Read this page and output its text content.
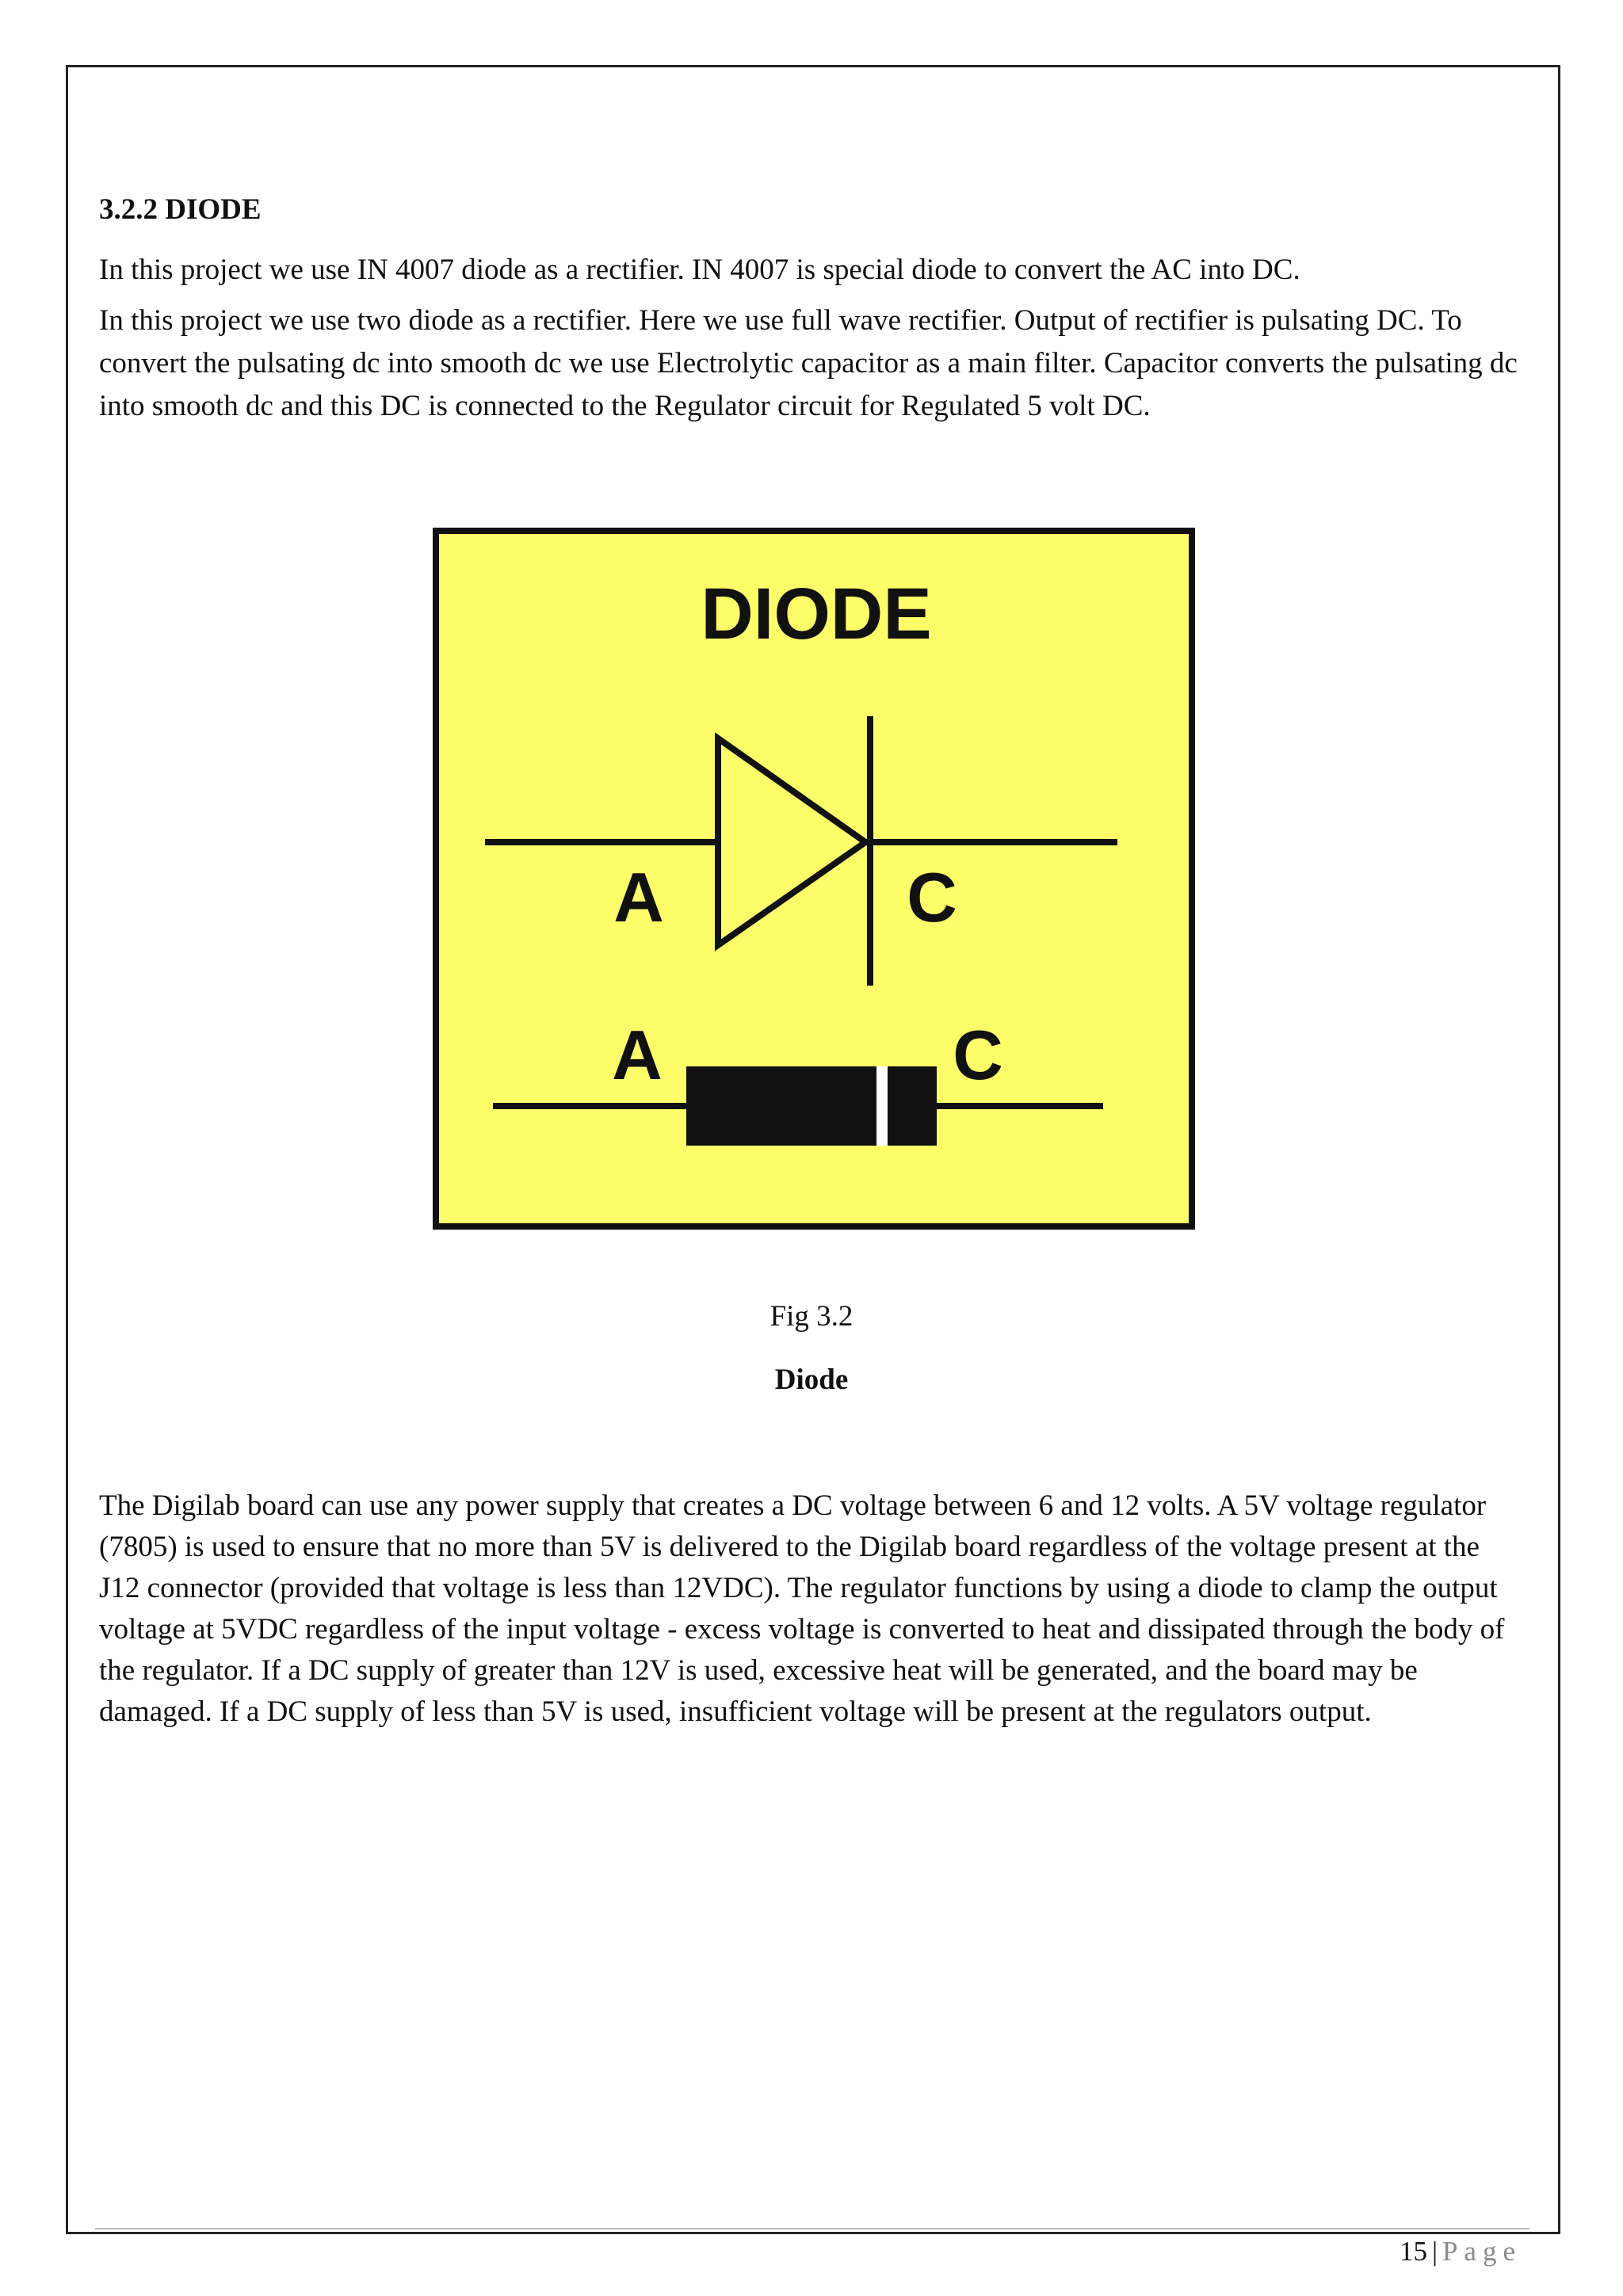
3.2.2 DIODE

In this project we use IN 4007 diode as a rectifier. IN 4007 is special diode to convert the AC into DC.

In this project we use two diode as a rectifier. Here we use full wave rectifier. Output of rectifier is pulsating DC. To convert the pulsating dc into smooth dc we use Electrolytic capacitor as a main filter. Capacitor converts the pulsating dc into smooth dc and this DC is connected to the Regulator circuit for Regulated 5 volt DC.

DIODE
A	C
A	C
Fig 3.2
Diode

The Digilab board can use any power supply that creates a DC voltage between 6 and 12 volts. A 5V voltage regulator (7805) is used to ensure that no more than 5V is delivered to the Digilab board regardless of the voltage present at the J12 connector (provided that voltage is less than 12VDC). The regulator functions by using a diode to clamp the output voltage at 5VDC regardless of the input voltage - excess voltage is converted to heat and dissipated through the body of the regulator. If a DC supply of greater than 12V is used, excessive heat will be generated, and the board may be damaged. If a DC supply of less than 5V is used, insufficient voltage will be present at the regulators output.

15 | Page
